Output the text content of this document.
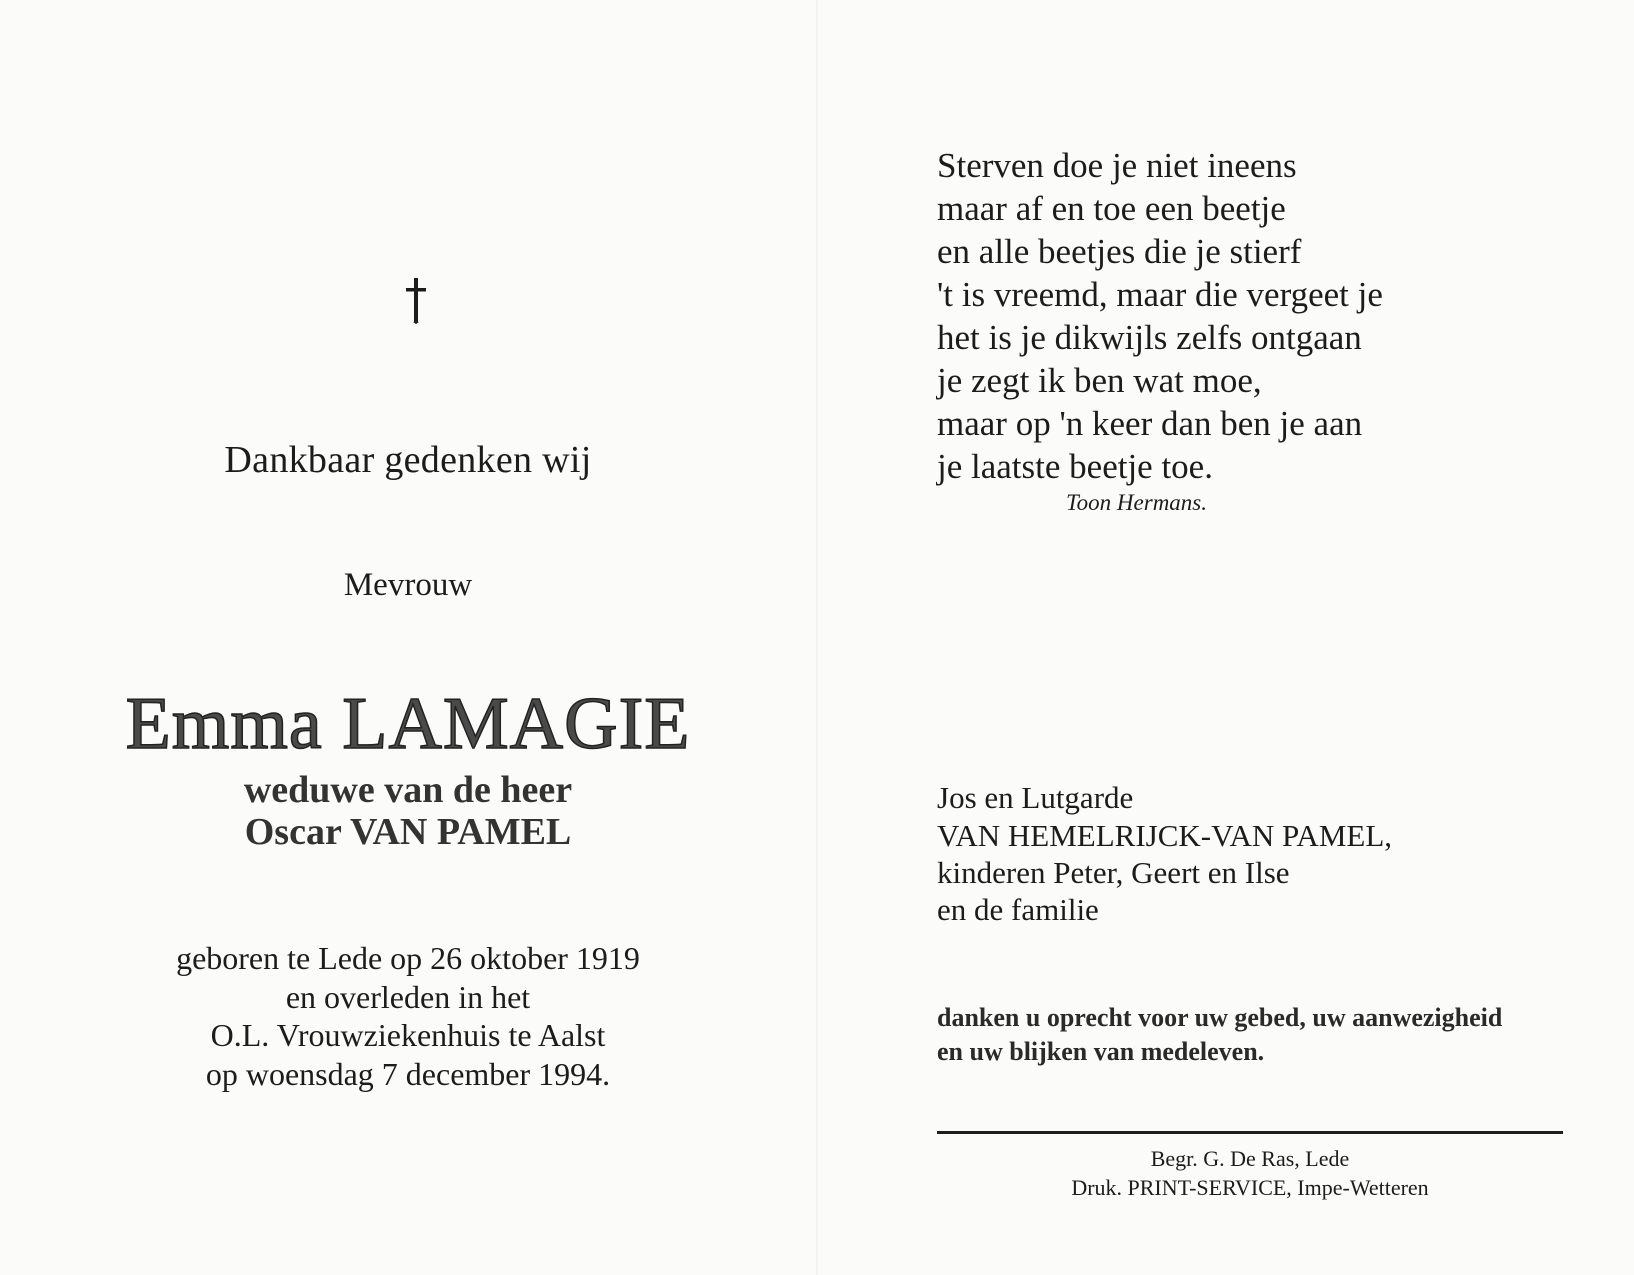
Dankbaar gedenken wij
Mevrouw
Emma LAMAGIE
weduwe van de heer
Oscar VAN PAMEL
geboren te Lede op 26 oktober 1919
en overleden in het
O.L. Vrouwziekenhuis te Aalst
op woensdag 7 december 1994.
Sterven doe je niet ineens
maar af en toe een beetje
en alle beetjes die je stierf
't is vreemd, maar die vergeet je
het is je dikwijls zelfs ontgaan
je zegt ik ben wat moe,
maar op 'n keer dan ben je aan
je laatste beetje toe.
Toon Hermans.
Jos en Lutgarde
VAN HEMELRIJCK-VAN PAMEL,
kinderen Peter, Geert en Ilse
en de familie
danken u oprecht voor uw gebed, uw aanwezigheid
en uw blijken van medeleven.
Begr. G. De Ras, Lede
Druk. PRINT-SERVICE, Impe-Wetteren
